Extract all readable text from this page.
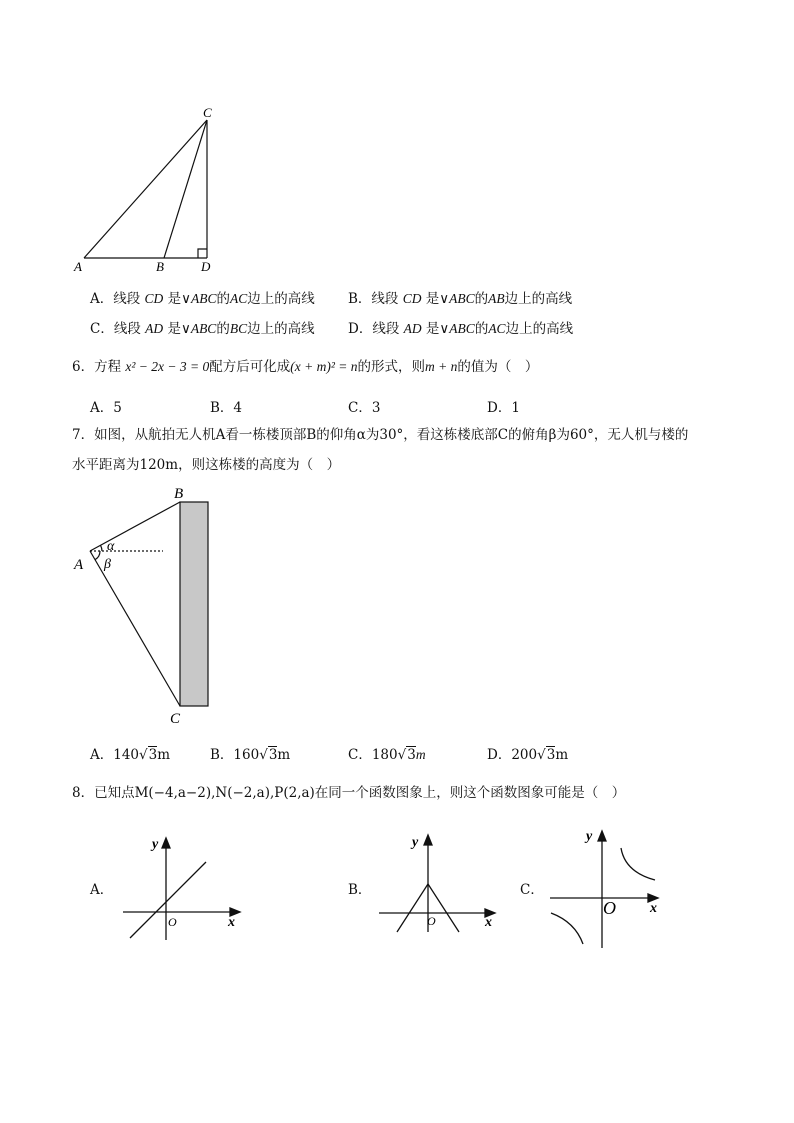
C
A	B	D
A．线段 CD 是∨ABC的AC边上的高线 B．线段 CD 是∨ABC的AB边上的高线
C．线段 AD 是∨ABC的BC边上的高线 D．线段 AD 是∨ABC的AC边上的高线
6．方程 x² − 2x − 3 = 0配方后可化成(x + m)² = n的形式，则m + n的值为（　）
A．5	B．4	C．3	D．1
7．如图，从航拍无人机A看一栋楼顶部B的仰角α为30°，看这栋楼底部C的俯角β为60°，无人机与楼的
水平距离为120m，则这栋楼的高度为（　）
B
A
C
α
β
A．140√3m	B．160√3m	C．180√3m	D．200√3m
8．已知点M(−4,a−2),N(−2,a),P(2,a)在同一个函数图象上，则这个函数图象可能是（　）
A．
y
x
O
B．
y
x
O
C．
y
x
O
